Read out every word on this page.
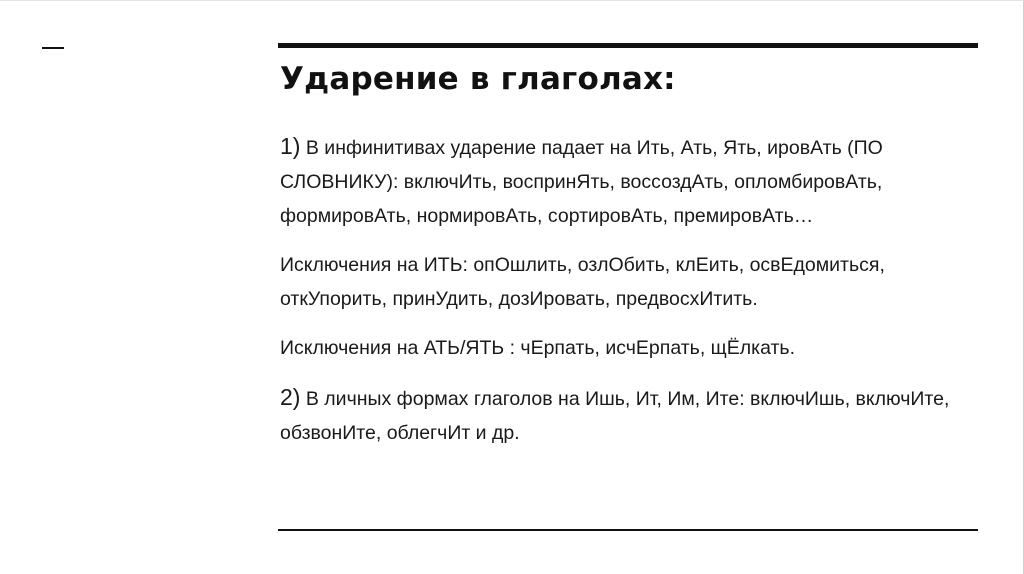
Ударение в глаголах:

1) В инфинитивах ударение падает на Ить, Ать, Ять, ировАть (ПО СЛОВНИКУ): включИть, воспринЯть, воссоздАть, опломбировАть, формировАть, нормировАть, сортировАть, премировАть…

Исключения на ИТЬ: опОшлить, озлОбить, клЕить, освЕдомиться, откУпорить, принУдить, дозИровать, предвосхИтить.

Исключения на АТЬ/ЯТЬ : чЕрпать, исчЕрпать, щЁлкать.

2) В личных формах глаголов на Ишь, Ит, Им, Ите: включИшь, включИте, обзвонИте, облегчИт и др.
